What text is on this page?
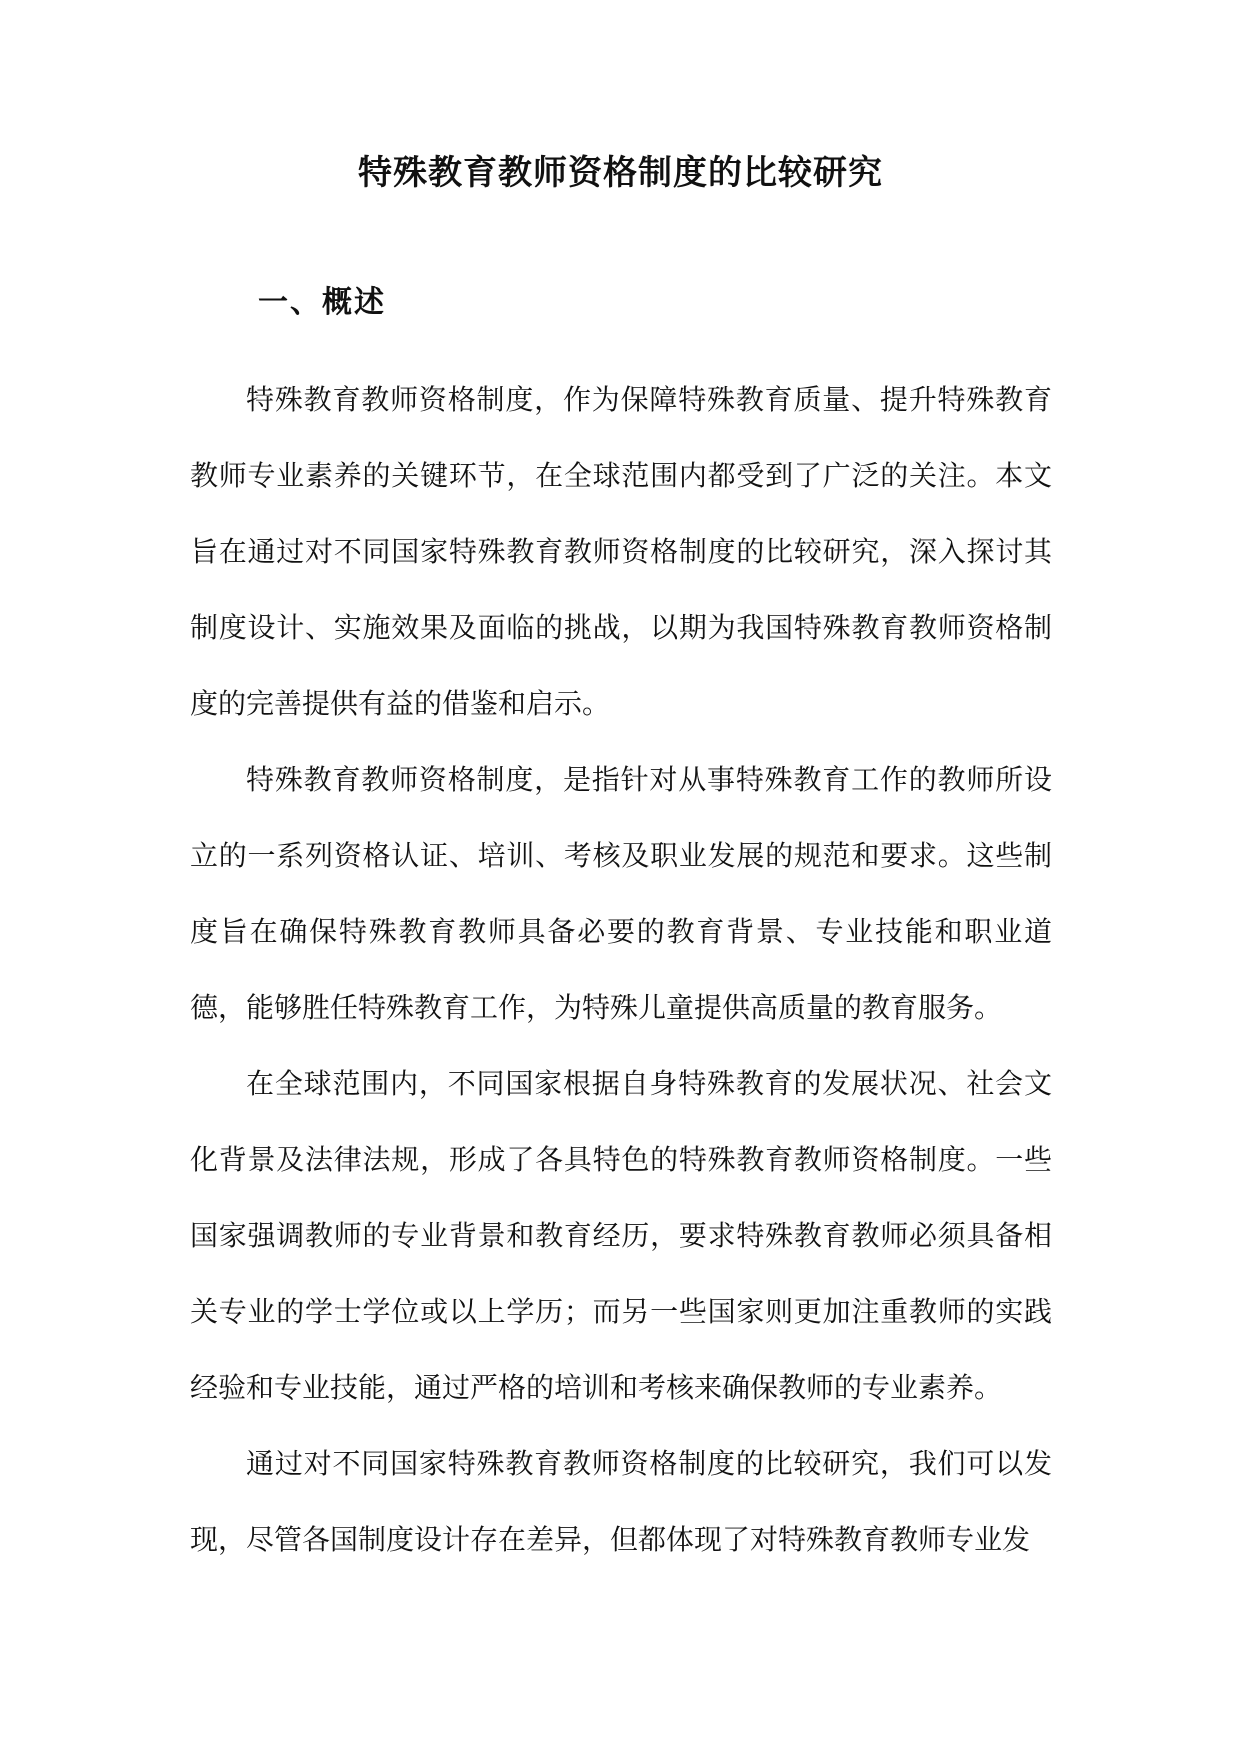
特殊教育教师资格制度的比较研究
一、概述

特殊教育教师资格制度，作为保障特殊教育质量、提升特殊教育教师专业素养的关键环节，在全球范围内都受到了广泛的关注。本文旨在通过对不同国家特殊教育教师资格制度的比较研究，深入探讨其制度设计、实施效果及面临的挑战，以期为我国特殊教育教师资格制度的完善提供有益的借鉴和启示。

特殊教育教师资格制度，是指针对从事特殊教育工作的教师所设立的一系列资格认证、培训、考核及职业发展的规范和要求。这些制度旨在确保特殊教育教师具备必要的教育背景、专业技能和职业道德，能够胜任特殊教育工作，为特殊儿童提供高质量的教育服务。

在全球范围内，不同国家根据自身特殊教育的发展状况、社会文化背景及法律法规，形成了各具特色的特殊教育教师资格制度。一些国家强调教师的专业背景和教育经历，要求特殊教育教师必须具备相关专业的学士学位或以上学历；而另一些国家则更加注重教师的实践经验和专业技能，通过严格的培训和考核来确保教师的专业素养。

通过对不同国家特殊教育教师资格制度的比较研究，我们可以发现，尽管各国制度设计存在差异，但都体现了对特殊教育教师专业发
